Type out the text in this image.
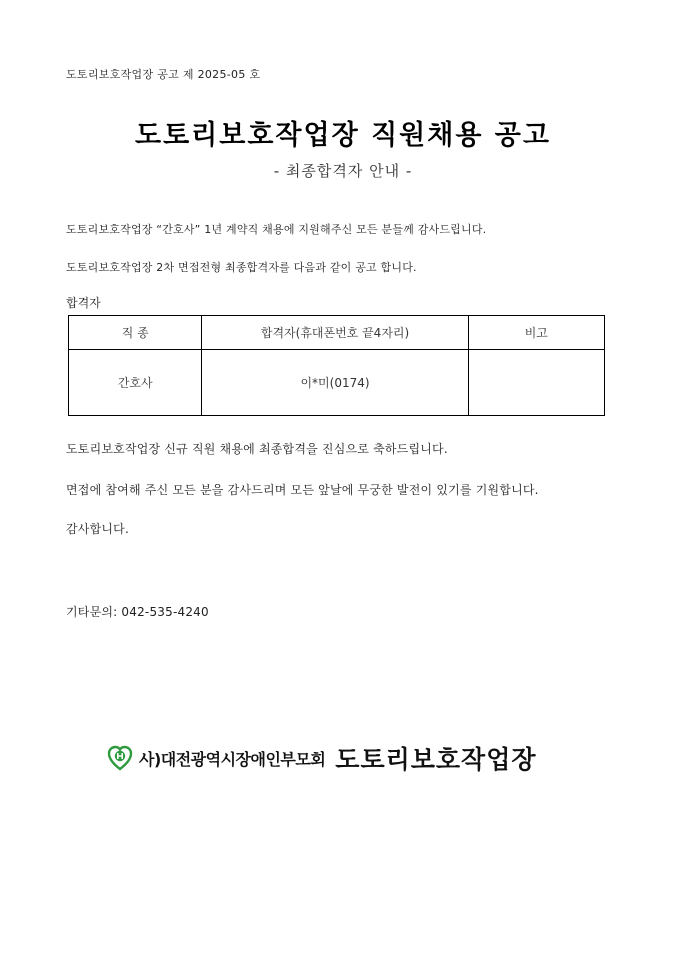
도토리보호작업장 공고 제 2025-05 호
도토리보호작업장 직원채용 공고
- 최종합격자 안내 -
도토리보호작업장 “간호사” 1년 계약직 채용에 지원해주신 모든 분들께 감사드립니다.
도토리보호작업장 2차 면접전형 최종합격자를 다음과 같이 공고 합니다.
합격자
직 종	합격자(휴대폰번호 끝4자리)	비고
간호사	이*미(0174)	
도토리보호작업장 신규 직원 채용에 최종합격을 진심으로 축하드립니다.
면접에 참여해 주신 모든 분을 감사드리며 모든 앞날에 무궁한 발전이 있기를 기원합니다.
감사합니다.
기타문의: 042-535-4240
사)대전광역시장애인부모회 도토리보호작업장
